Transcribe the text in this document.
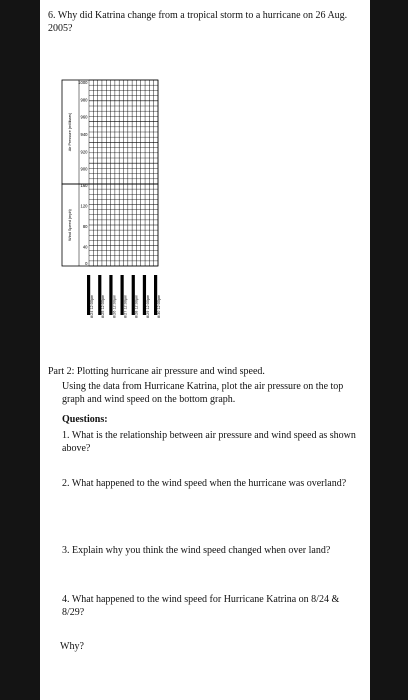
6. Why did Katrina change from a tropical storm to a hurricane on 26 Aug. 2005?
1000
980
960
940
920
900
160
120
80
40
0
Air Pressure (millibars)
Wind Speed (mph)
8/24 12:00pm 8/25 12:00pm 8/26 12:00pm 8/27 12:00pm 8/28 12:00pm 8/29 12:00pm 8/30 12:00pm
Part 2: Plotting hurricane air pressure and wind speed.
Using the data from Hurricane Katrina, plot the air pressure on the top graph and wind speed on the bottom graph.
Questions:
1. What is the relationship between air pressure and wind speed as shown above?
2. What happened to the wind speed when the hurricane was overland?
3. Explain why you think the wind speed changed when over land?
4. What happened to the wind speed for Hurricane Katrina on 8/24 & 8/29?
Why?
